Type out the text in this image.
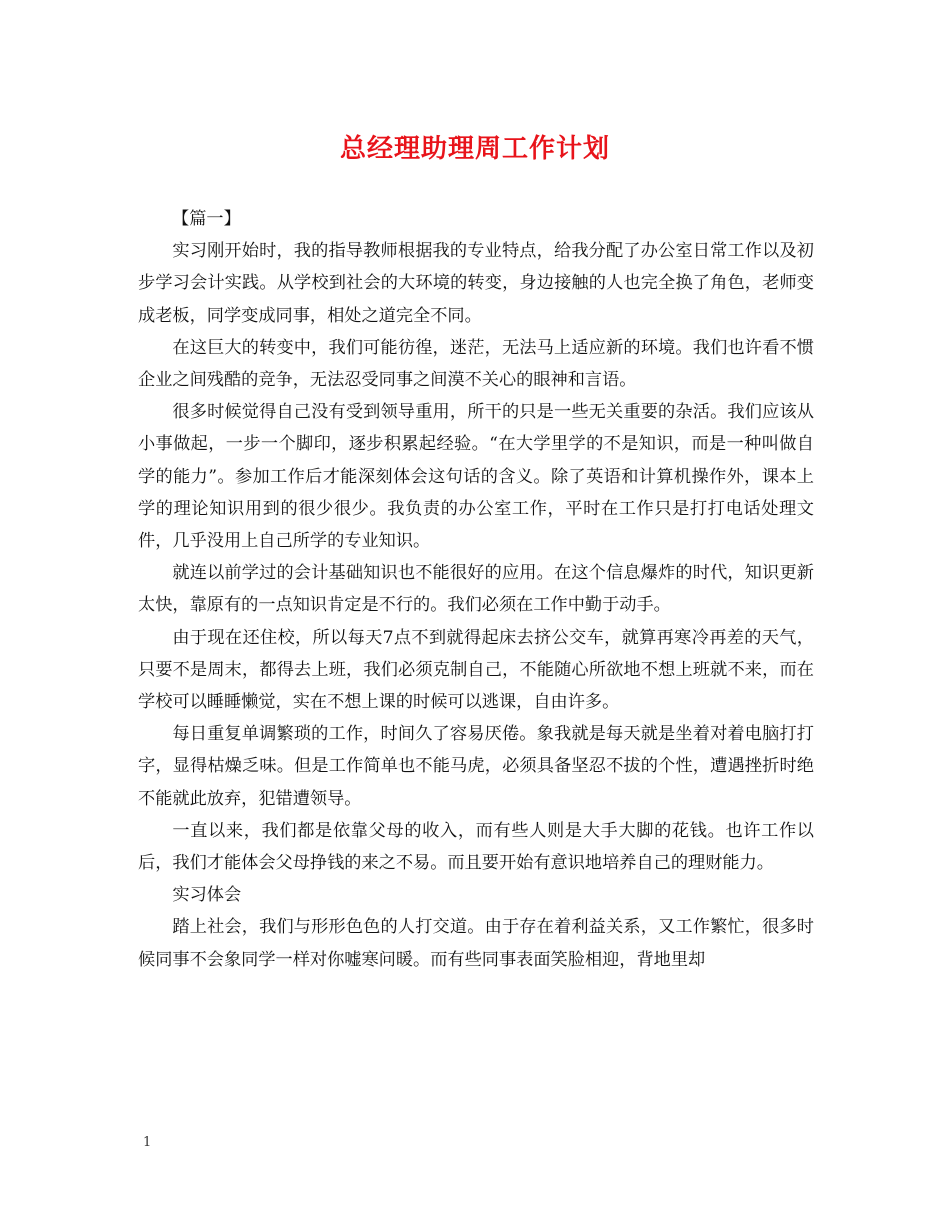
总经理助理周工作计划
【篇一】

实习刚开始时，我的指导教师根据我的专业特点，给我分配了办公室日常工作以及初步学习会计实践。从学校到社会的大环境的转变，身边接触的人也完全换了角色，老师变成老板，同学变成同事，相处之道完全不同。

在这巨大的转变中，我们可能彷徨，迷茫，无法马上适应新的环境。我们也许看不惯企业之间残酷的竞争，无法忍受同事之间漠不关心的眼神和言语。

很多时候觉得自己没有受到领导重用，所干的只是一些无关重要的杂活。我们应该从小事做起，一步一个脚印，逐步积累起经验。“在大学里学的不是知识，而是一种叫做自学的能力”。参加工作后才能深刻体会这句话的含义。除了英语和计算机操作外，课本上学的理论知识用到的很少很少。我负责的办公室工作，平时在工作只是打打电话处理文件，几乎没用上自己所学的专业知识。

就连以前学过的会计基础知识也不能很好的应用。在这个信息爆炸的时代，知识更新太快，靠原有的一点知识肯定是不行的。我们必须在工作中勤于动手。

由于现在还住校，所以每天7点不到就得起床去挤公交车，就算再寒冷再差的天气，只要不是周末，都得去上班，我们必须克制自己，不能随心所欲地不想上班就不来，而在学校可以睡睡懒觉，实在不想上课的时候可以逃课，自由许多。

每日重复单调繁琐的工作，时间久了容易厌倦。象我就是每天就是坐着对着电脑打打字，显得枯燥乏味。但是工作简单也不能马虎，必须具备坚忍不拔的个性，遭遇挫折时绝不能就此放弃，犯错遭领导。

一直以来，我们都是依靠父母的收入，而有些人则是大手大脚的花钱。也许工作以后，我们才能体会父母挣钱的来之不易。而且要开始有意识地培养自己的理财能力。

实习体会

踏上社会，我们与形形色色的人打交道。由于存在着利益关系，又工作繁忙，很多时候同事不会象同学一样对你嘘寒问暖。而有些同事表面笑脸相迎，背地里却

1
